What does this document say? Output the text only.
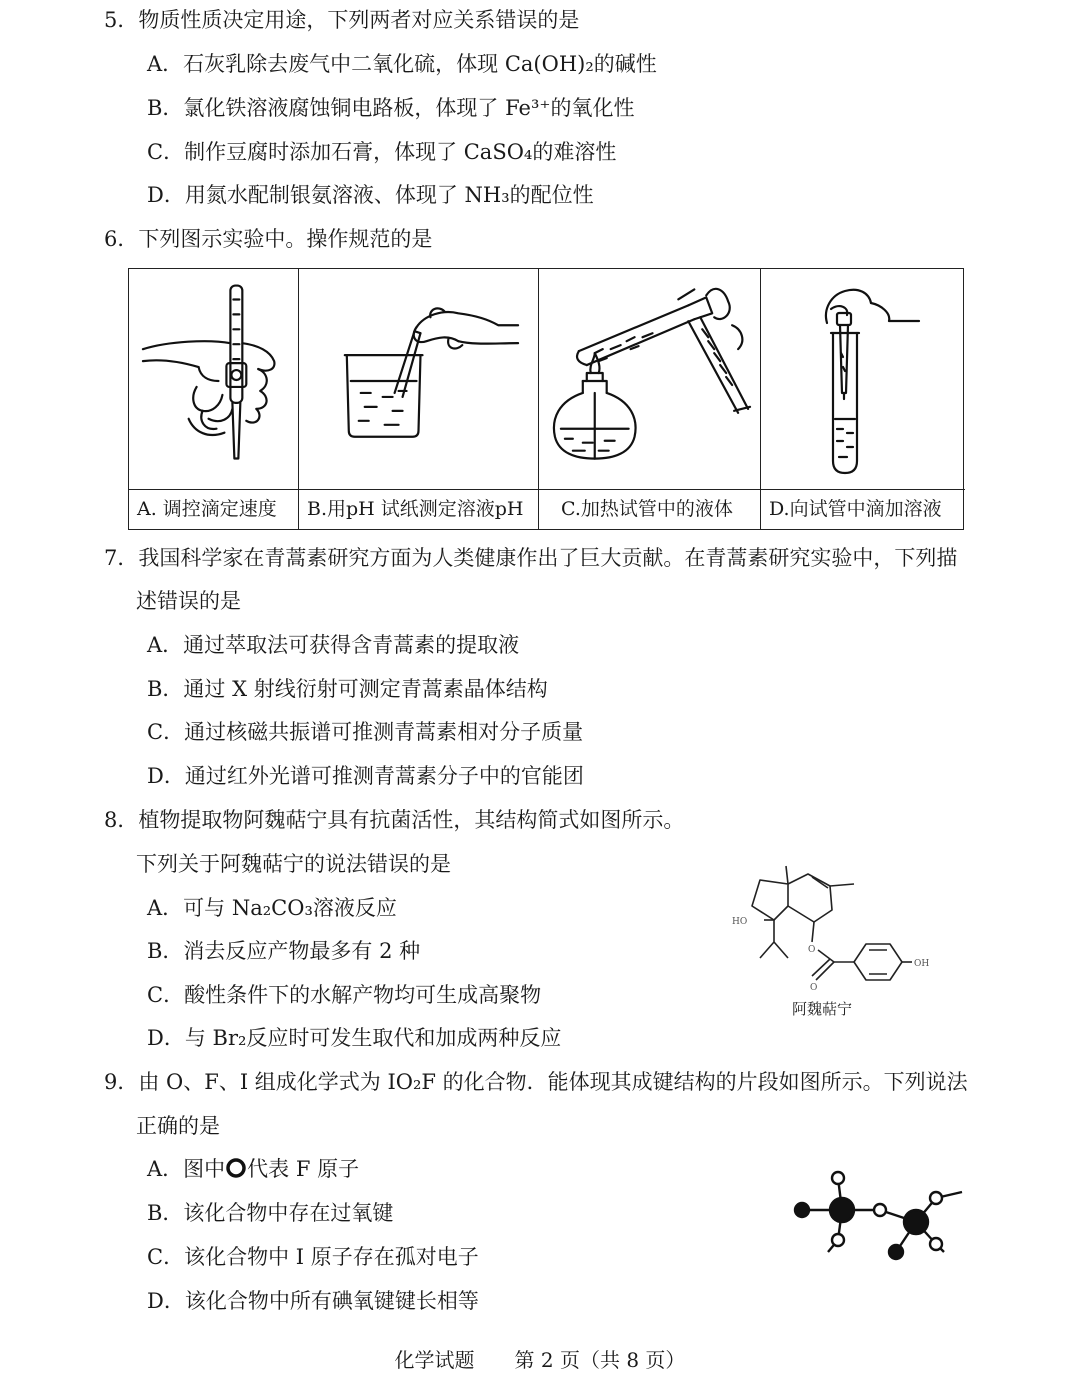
5．物质性质决定用途，下列两者对应关系错误的是
A．石灰乳除去废气中二氧化硫，体现 Ca(OH)₂的碱性
B．氯化铁溶液腐蚀铜电路板，体现了 Fe³⁺的氧化性
C．制作豆腐时添加石膏，体现了 CaSO₄的难溶性
D．用氮水配制银氨溶液、体现了 NH₃的配位性
6．下列图示实验中。操作规范的是
A. 调控滴定速度	B.用pH 试纸测定溶液pH	C.加热试管中的液体	D.向试管中滴加溶液
7．我国科学家在青蒿素研究方面为人类健康作出了巨大贡献。在青蒿素研究实验中，下列描
述错误的是
A．通过萃取法可获得含青蒿素的提取液
B．通过 X 射线衍射可测定青蒿素晶体结构
C．通过核磁共振谱可推测青蒿素相对分子质量
D．通过红外光谱可推测青蒿素分子中的官能团
8．植物提取物阿魏萜宁具有抗菌活性，其结构简式如图所示。
下列关于阿魏萜宁的说法错误的是
A．可与 Na₂CO₃溶液反应
B．消去反应产物最多有 2 种
C．酸性条件下的水解产物均可生成高聚物
D．与 Br₂反应时可发生取代和加成两种反应
HO
OH
O
O
阿魏萜宁
9．由 O、F、I 组成化学式为 IO₂F 的化合物．能体现其成键结构的片段如图所示。下列说法
正确的是
A．图中 代表 F 原子
B．该化合物中存在过氧键
C．该化合物中 I 原子存在孤对电子
D．该化合物中所有碘氧键键长相等
化学试题 第 2 页（共 8 页）
